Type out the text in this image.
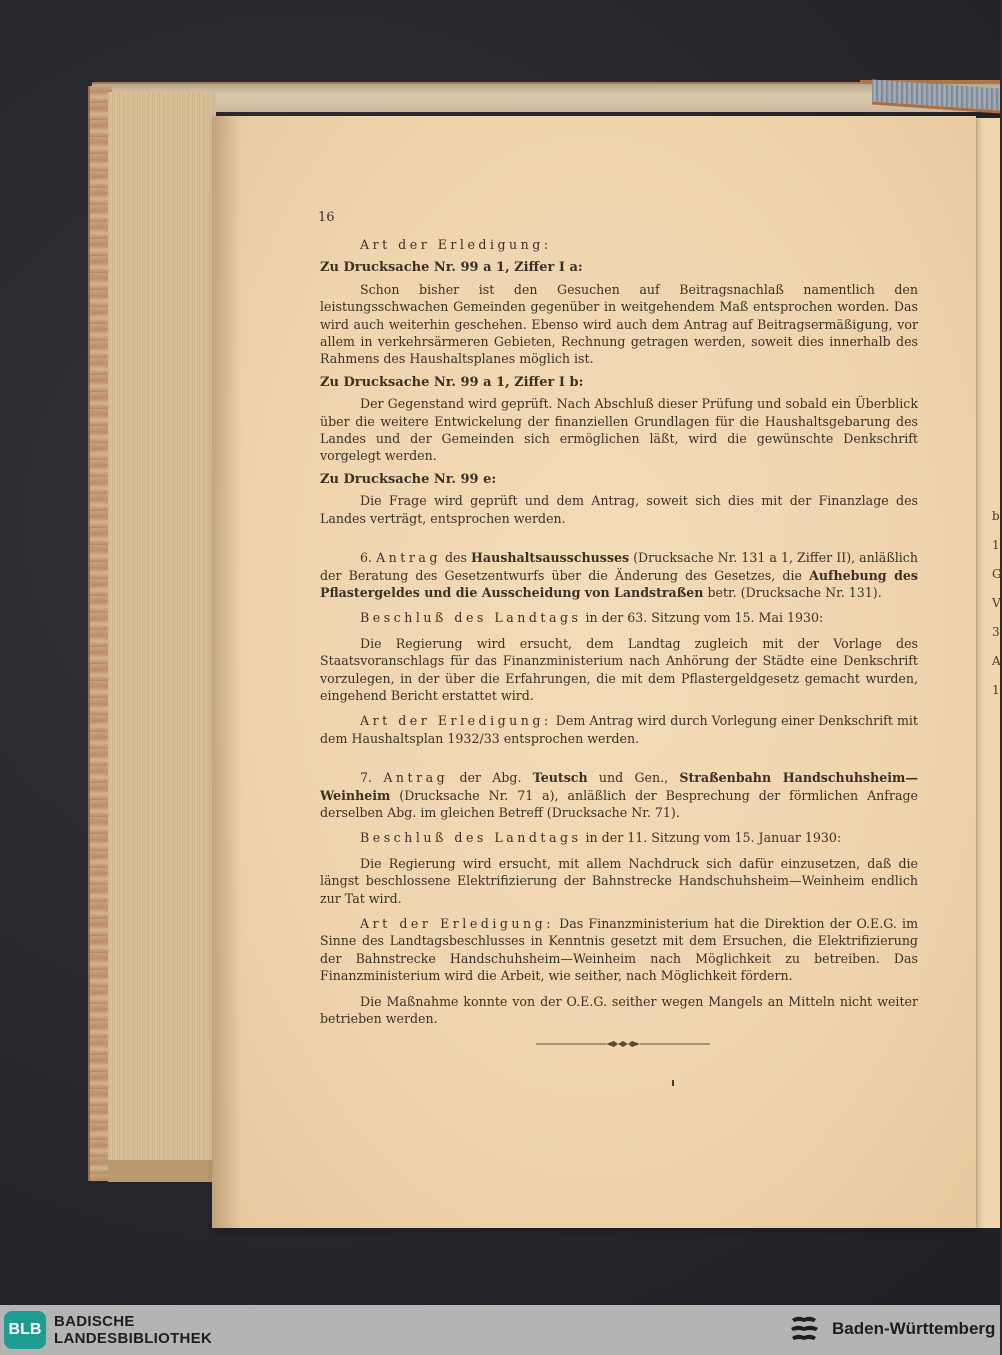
b
1
G
V
3
A
1
16

Art der Erledigung:

Zu Drucksache Nr. 99 a 1, Ziffer I a:

Schon bisher ist den Gesuchen auf Beitragsnachlaß namentlich den leistungsschwachen Gemeinden gegenüber in weitgehendem Maß entsprochen worden. Das wird auch weiterhin geschehen. Ebenso wird auch dem Antrag auf Beitragsermäßigung, vor allem in verkehrsärmeren Gebieten, Rechnung getragen werden, soweit dies innerhalb des Rahmens des Haushaltsplanes möglich ist.

Zu Drucksache Nr. 99 a 1, Ziffer I b:

Der Gegenstand wird geprüft. Nach Abschluß dieser Prüfung und sobald ein Überblick über die weitere Entwickelung der finanziellen Grundlagen für die Haushaltsgebarung des Landes und der Gemeinden sich ermöglichen läßt, wird die gewünschte Denkschrift vorgelegt werden.

Zu Drucksache Nr. 99 e:

Die Frage wird geprüft und dem Antrag, soweit sich dies mit der Finanzlage des Landes verträgt, entsprochen werden.

6. Antrag des Haushaltsausschusses (Drucksache Nr. 131 a 1, Ziffer II), anläßlich der Beratung des Gesetzentwurfs über die Änderung des Gesetzes, die Aufhebung des Pflastergeldes und die Ausscheidung von Landstraßen betr. (Drucksache Nr. 131).

Beschluß des Landtags in der 63. Sitzung vom 15. Mai 1930:

Die Regierung wird ersucht, dem Landtag zugleich mit der Vorlage des Staatsvoranschlags für das Finanzministerium nach Anhörung der Städte eine Denkschrift vorzulegen, in der über die Erfahrungen, die mit dem Pflastergeldgesetz gemacht wurden, eingehend Bericht erstattet wird.

Art der Erledigung: Dem Antrag wird durch Vorlegung einer Denkschrift mit dem Haushaltsplan 1932/33 entsprochen werden.

7. Antrag der Abg. Teutsch und Gen., Straßenbahn Handschuhsheim—Weinheim (Drucksache Nr. 71 a), anläßlich der Besprechung der förmlichen Anfrage derselben Abg. im gleichen Betreff (Drucksache Nr. 71).

Beschluß des Landtags in der 11. Sitzung vom 15. Januar 1930:

Die Regierung wird ersucht, mit allem Nachdruck sich dafür einzusetzen, daß die längst beschlossene Elektrifizierung der Bahnstrecke Handschuhsheim—Weinheim endlich zur Tat wird.

Art der Erledigung: Das Finanzministerium hat die Direktion der O.E.G. im Sinne des Landtagsbeschlusses in Kenntnis gesetzt mit dem Ersuchen, die Elektrifizierung der Bahnstrecke Handschuhsheim—Weinheim nach Möglichkeit zu betreiben. Das Finanzministerium wird die Arbeit, wie seither, nach Möglichkeit fördern.

Die Maßnahme konnte von der O.E.G. seither wegen Mangels an Mitteln nicht weiter betrieben werden.

BLB BADISCHE
LANDESBIBLIOTHEK
Baden-Württemberg
